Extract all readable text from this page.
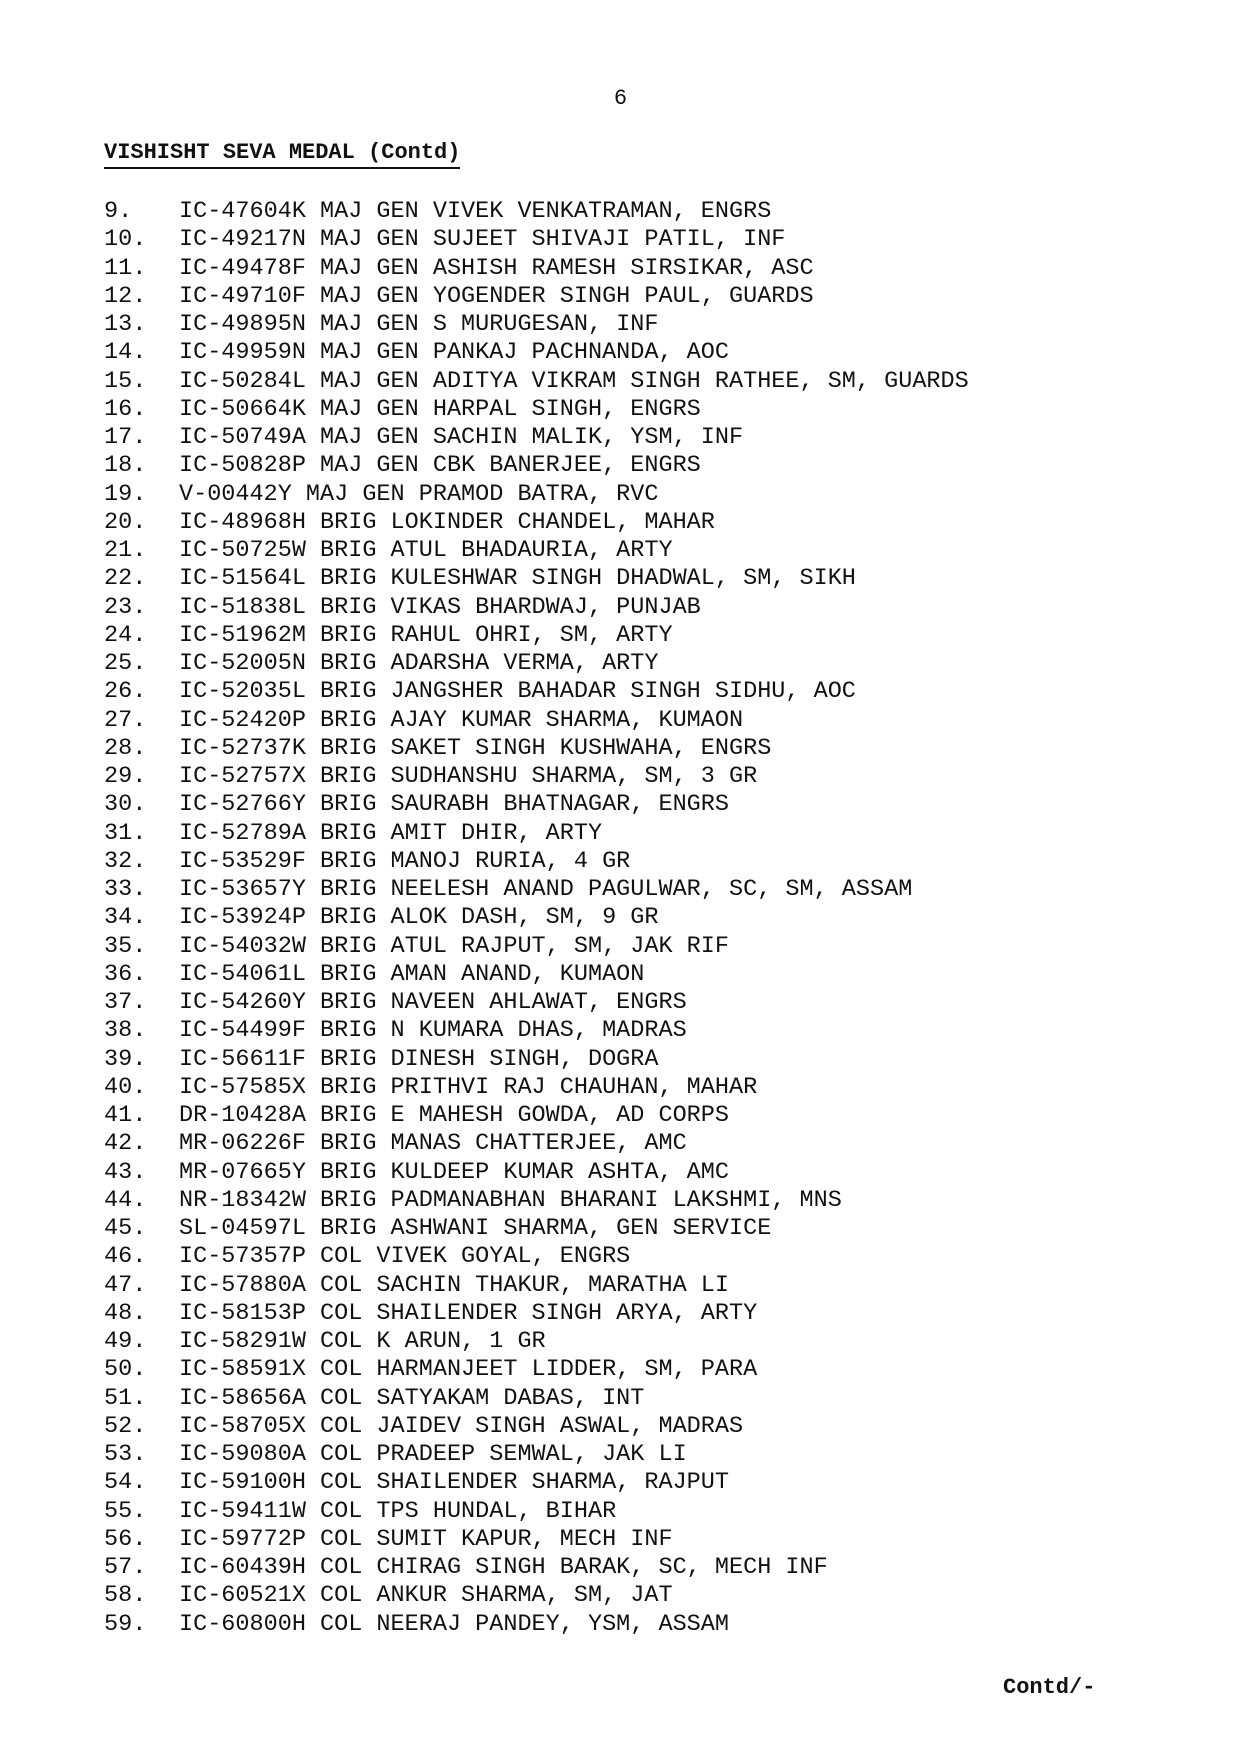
6
VISHISHT SEVA MEDAL (Contd)
9.	IC-47604K MAJ GEN VIVEK VENKATRAMAN, ENGRS
10.	IC-49217N MAJ GEN SUJEET SHIVAJI PATIL, INF
11.	IC-49478F MAJ GEN ASHISH RAMESH SIRSIKAR, ASC
12.	IC-49710F MAJ GEN YOGENDER SINGH PAUL, GUARDS
13.	IC-49895N MAJ GEN S MURUGESAN, INF
14.	IC-49959N MAJ GEN PANKAJ PACHNANDA, AOC
15.	IC-50284L MAJ GEN ADITYA VIKRAM SINGH RATHEE, SM, GUARDS
16.	IC-50664K MAJ GEN HARPAL SINGH, ENGRS
17.	IC-50749A MAJ GEN SACHIN MALIK, YSM, INF
18.	IC-50828P MAJ GEN CBK BANERJEE, ENGRS
19.	V-00442Y MAJ GEN PRAMOD BATRA, RVC
20.	IC-48968H BRIG LOKINDER CHANDEL, MAHAR
21.	IC-50725W BRIG ATUL BHADAURIA, ARTY
22.	IC-51564L BRIG KULESHWAR SINGH DHADWAL, SM, SIKH
23.	IC-51838L BRIG VIKAS BHARDWAJ, PUNJAB
24.	IC-51962M BRIG RAHUL OHRI, SM, ARTY
25.	IC-52005N BRIG ADARSHA VERMA, ARTY
26.	IC-52035L BRIG JANGSHER BAHADAR SINGH SIDHU, AOC
27.	IC-52420P BRIG AJAY KUMAR SHARMA, KUMAON
28.	IC-52737K BRIG SAKET SINGH KUSHWAHA, ENGRS
29.	IC-52757X BRIG SUDHANSHU SHARMA, SM, 3 GR
30.	IC-52766Y BRIG SAURABH BHATNAGAR, ENGRS
31.	IC-52789A BRIG AMIT DHIR, ARTY
32.	IC-53529F BRIG MANOJ RURIA, 4 GR
33.	IC-53657Y BRIG NEELESH ANAND PAGULWAR, SC, SM, ASSAM
34.	IC-53924P BRIG ALOK DASH, SM, 9 GR
35.	IC-54032W BRIG ATUL RAJPUT, SM, JAK RIF
36.	IC-54061L BRIG AMAN ANAND, KUMAON
37.	IC-54260Y BRIG NAVEEN AHLAWAT, ENGRS
38.	IC-54499F BRIG N KUMARA DHAS, MADRAS
39.	IC-56611F BRIG DINESH SINGH, DOGRA
40.	IC-57585X BRIG PRITHVI RAJ CHAUHAN, MAHAR
41.	DR-10428A BRIG E MAHESH GOWDA, AD CORPS
42.	MR-06226F BRIG MANAS CHATTERJEE, AMC
43.	MR-07665Y BRIG KULDEEP KUMAR ASHTA, AMC
44.	NR-18342W BRIG PADMANABHAN BHARANI LAKSHMI, MNS
45.	SL-04597L BRIG ASHWANI SHARMA, GEN SERVICE
46.	IC-57357P COL VIVEK GOYAL, ENGRS
47.	IC-57880A COL SACHIN THAKUR, MARATHA LI
48.	IC-58153P COL SHAILENDER SINGH ARYA, ARTY
49.	IC-58291W COL K ARUN, 1 GR
50.	IC-58591X COL HARMANJEET LIDDER, SM, PARA
51.	IC-58656A COL SATYAKAM DABAS, INT
52.	IC-58705X COL JAIDEV SINGH ASWAL, MADRAS
53.	IC-59080A COL PRADEEP SEMWAL, JAK LI
54.	IC-59100H COL SHAILENDER SHARMA, RAJPUT
55.	IC-59411W COL TPS HUNDAL, BIHAR
56.	IC-59772P COL SUMIT KAPUR, MECH INF
57.	IC-60439H COL CHIRAG SINGH BARAK, SC, MECH INF
58.	IC-60521X COL ANKUR SHARMA, SM, JAT
59.	IC-60800H COL NEERAJ PANDEY, YSM, ASSAM
Contd/-
